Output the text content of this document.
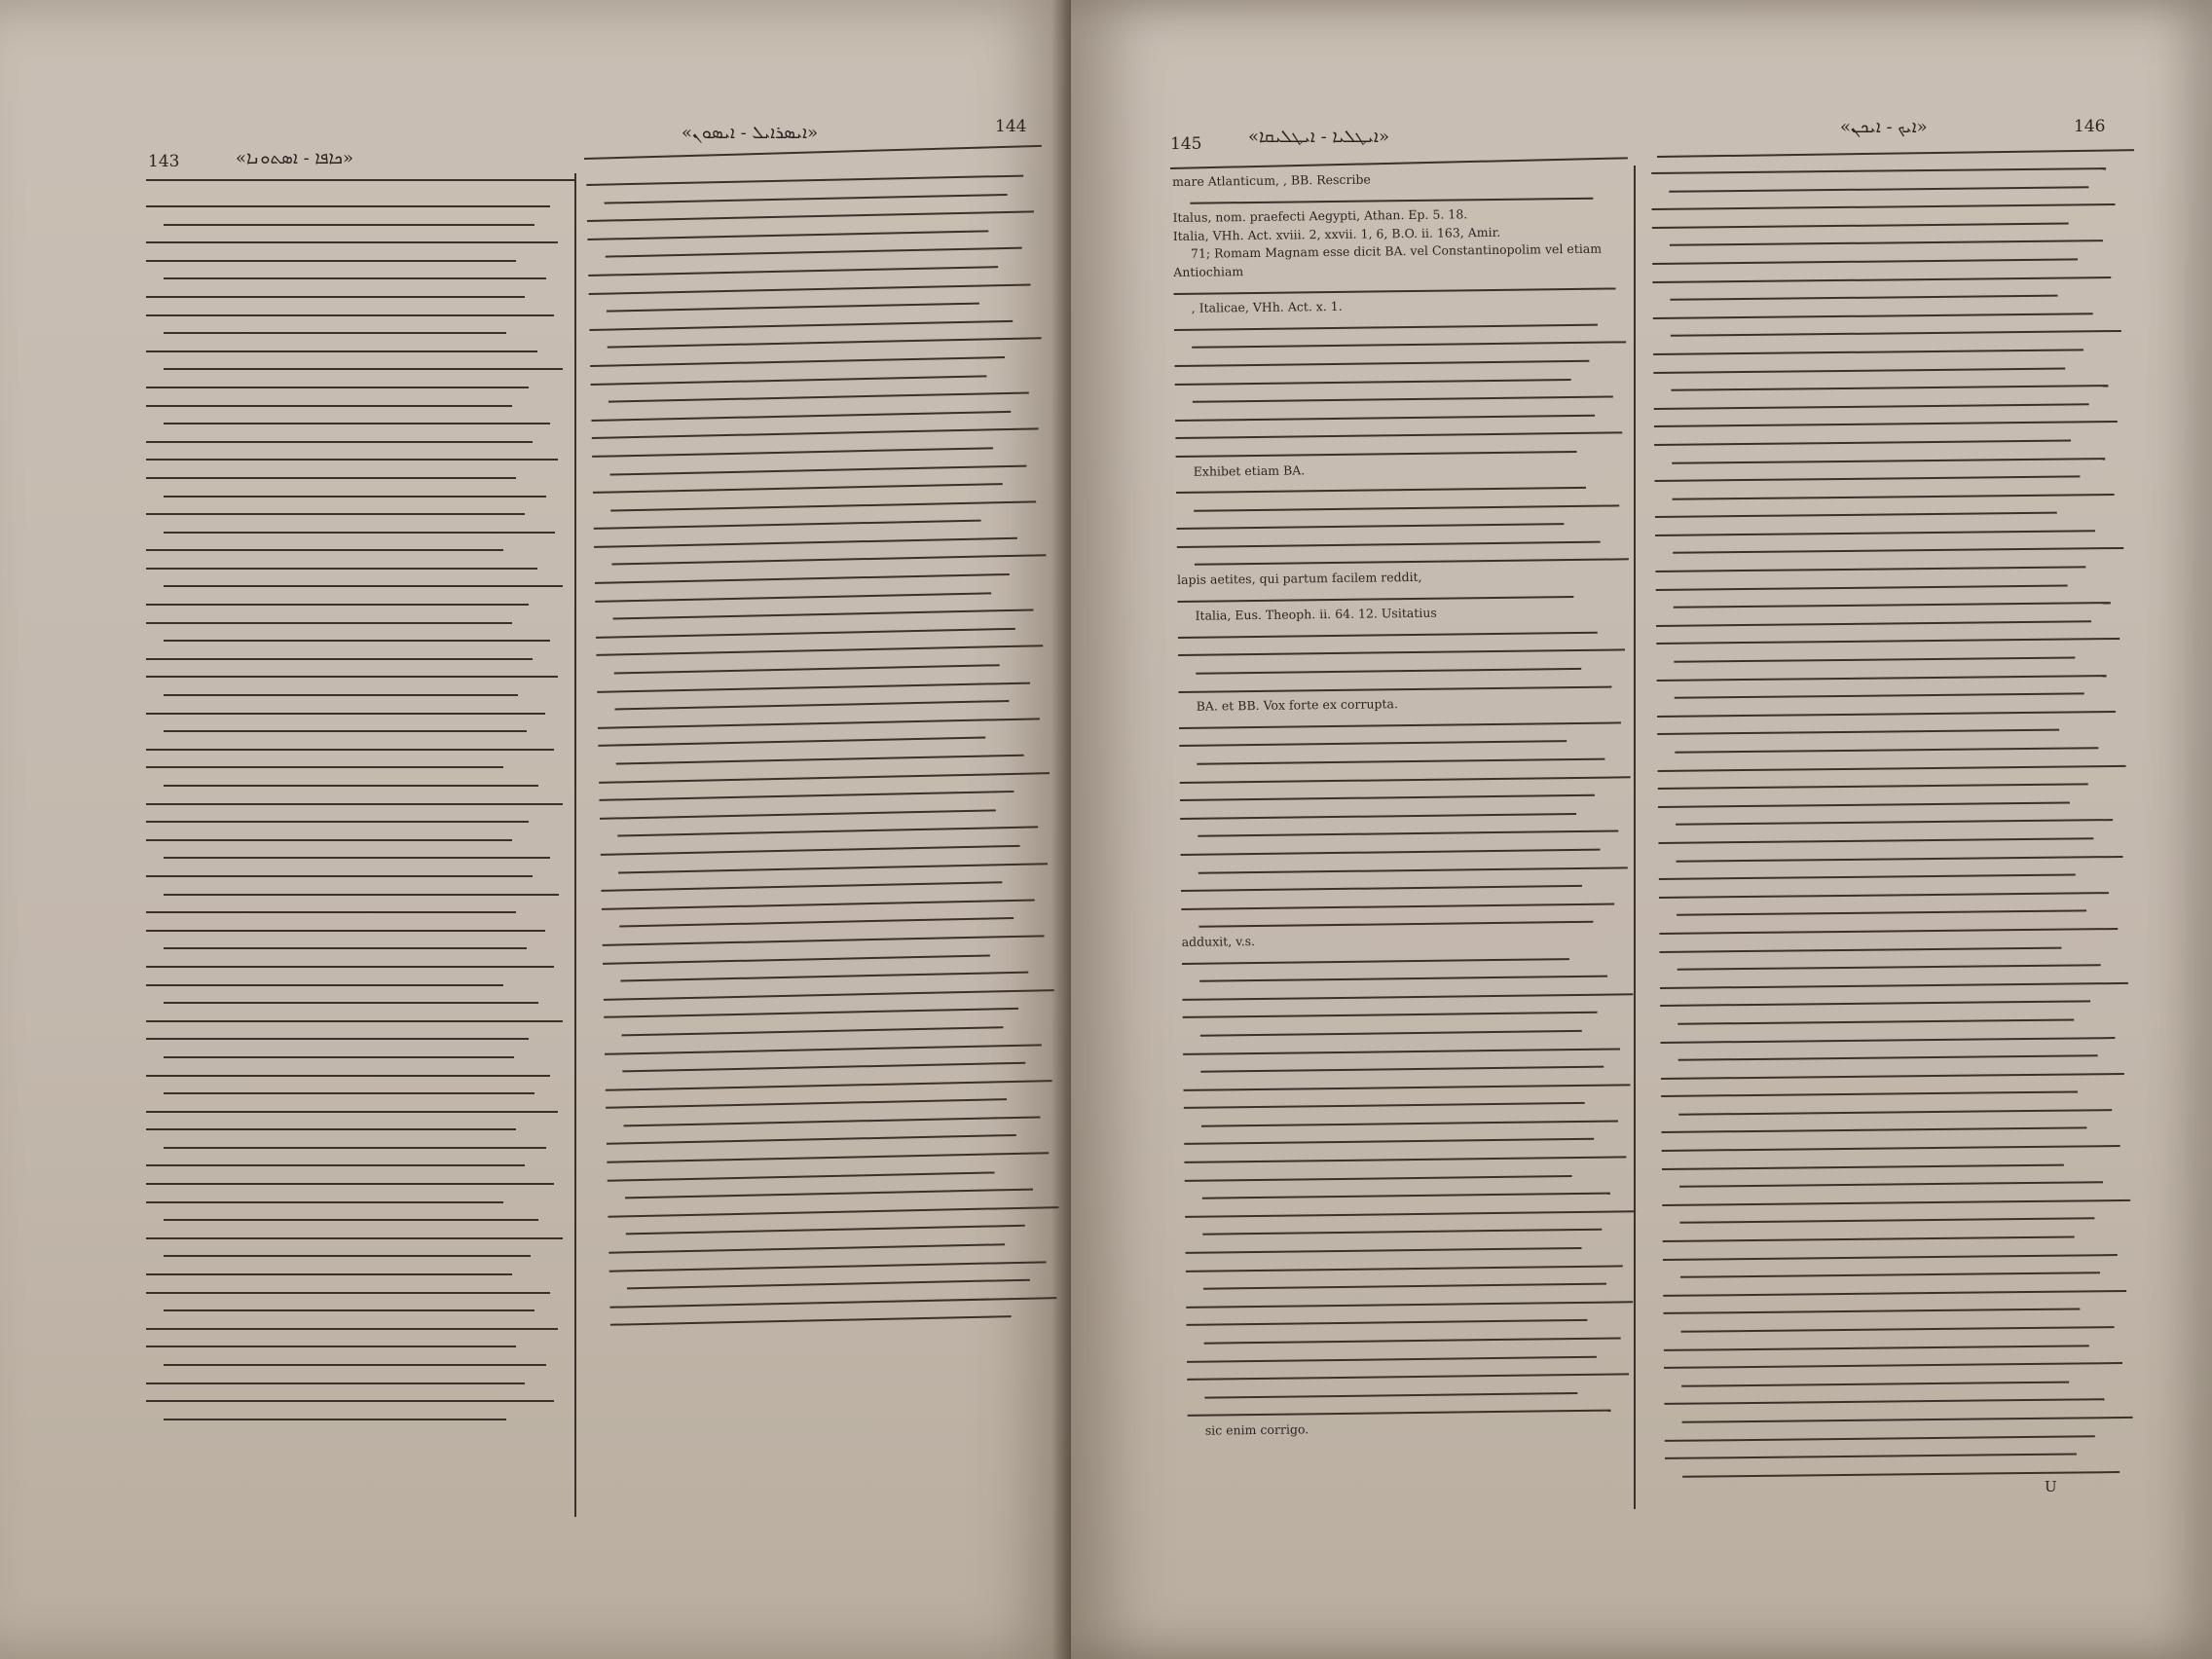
143	«ܟܐܦܐ ‐ ܐܣܬܘܢܐ»
«ܐܝܣܪܐܝܠ ‐ ܐܝܣܘܢ»	144
145	«ܐܝܛܠܝܐ ‐ ܐܝܛܠܝܩܐ»	«ܐܝܟ ‐ ܐܝܟܢ»	146
mare Atlanticum, , BB. Rescribe
Italus, nom. praefecti Aegypti, Athan. Ep. 5. 18.
Italia, VHh. Act. xviii. 2, xxvii. 1, 6, B.O. ii. 163, Amir.
71; Romam Magnam esse dicit BA. vel Constantinopolim vel etiam
Antiochiam
, Italicae, VHh. Act. x. 1.
Exhibet etiam BA.
lapis aetites, qui partum facilem reddit,
Italia, Eus. Theoph. ii. 64. 12. Usitatius
BA. et BB. Vox forte ex corrupta.
adduxit, v.s.
sic enim corrigo.
U
